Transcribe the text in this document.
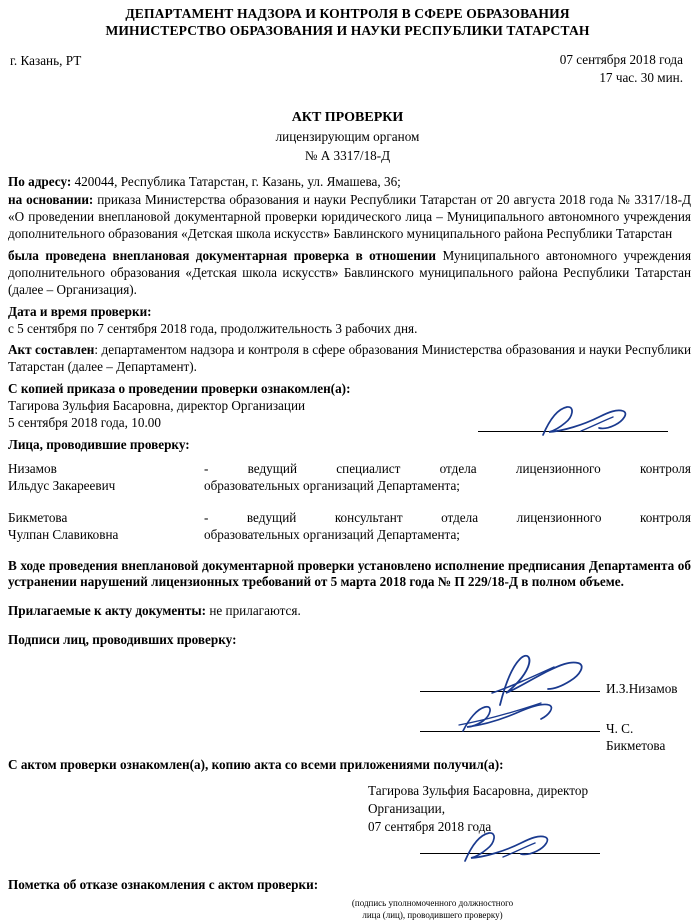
ДЕПАРТАМЕНТ НАДЗОРА И КОНТРОЛЯ В СФЕРЕ ОБРАЗОВАНИЯ
МИНИСТЕРСТВО ОБРАЗОВАНИЯ И НАУКИ РЕСПУБЛИКИ ТАТАРСТАН
г. Казань, РТ	07 сентября 2018 года
17 час. 30 мин.
АКТ ПРОВЕРКИ
лицензирующим органом
№ А 3317/18-Д
По адресу: 420044, Республика Татарстан, г. Казань, ул. Ямашева, 36;
на основании: приказа Министерства образования и науки Республики Татарстан от 20 августа 2018 года № 3317/18-Д «О проведении внеплановой документарной проверки юридического лица – Муниципального автономного учреждения дополнительного образования «Детская школа искусств» Бавлинского муниципального района Республики Татарстан
была проведена внеплановая документарная проверка в отношении Муниципального автономного учреждения дополнительного образования «Детская школа искусств» Бавлинского муниципального района Республики Татарстан (далее – Организация).
Дата и время проверки:
с 5 сентября по 7 сентября 2018 года, продолжительность 3 рабочих дня.
Акт составлен: департаментом надзора и контроля в сфере образования Министерства образования и науки Республики Татарстан (далее – Департамент).
С копией приказа о проведении проверки ознакомлен(а):
Тагирова Зульфия Басаровна, директор Организации
5 сентября 2018 года, 10.00
Лица, проводившие проверку:
Низамов
Ильдус Закареевич
-	ведущий	специалист	отдела	лицензионного	контроля
образовательных организаций Департамента;
Бикметова
Чулпан Славиковна
-	ведущий	консультант	отдела	лицензионного	контроля
образовательных организаций Департамента;
В ходе проведения внеплановой документарной проверки установлено исполнение предписания Департамента об устранении нарушений лицензионных требований от 5 марта 2018 года № П 229/18-Д в полном объеме.
Прилагаемые к акту документы: не прилагаются.
Подписи лиц, проводивших проверку:
И.З.Низамов
Ч. С. Бикметова
С актом проверки ознакомлен(а), копию акта со всеми приложениями получил(а):
Тагирова Зульфия Басаровна, директор
Организации,
07 сентября 2018 года
Пометка об отказе ознакомления с актом проверки:
(подпись уполномоченного должностного
лица (лиц), проводившего проверку)
